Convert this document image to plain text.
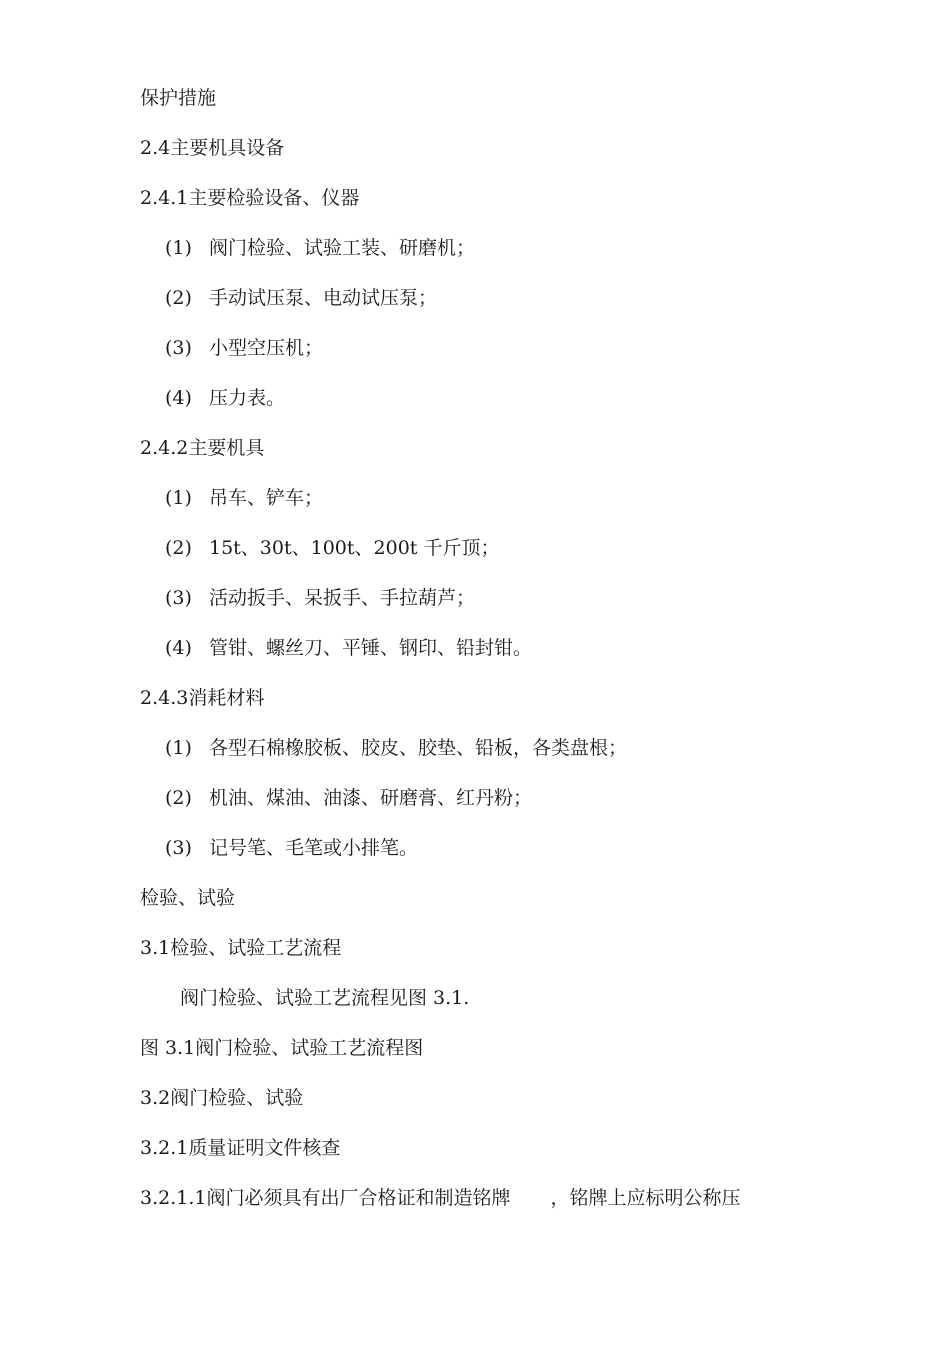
保护措施
2.4主要机具设备
2.4.1主要检验设备、仪器
(1) 阀门检验、试验工装、研磨机；
(2) 手动试压泵、电动试压泵；
(3) 小型空压机；
(4) 压力表。
2.4.2主要机具
(1) 吊车、铲车；
(2) 15t、30t、100t、200t 千斤顶；
(3) 活动扳手、呆扳手、手拉葫芦；
(4) 管钳、螺丝刀、平锤、钢印、铅封钳。
2.4.3消耗材料
(1) 各型石棉橡胶板、胶皮、胶垫、铅板，各类盘根；
(2) 机油、煤油、油漆、研磨膏、红丹粉；
(3) 记号笔、毛笔或小排笔。
检验、试验
3.1检验、试验工艺流程
阀门检验、试验工艺流程见图 3.1.
图 3.1阀门检验、试验工艺流程图
3.2阀门检验、试验
3.2.1质量证明文件核查
3.2.1.1阀门必须具有出厂合格证和制造铭牌 ，铭牌上应标明公称压
